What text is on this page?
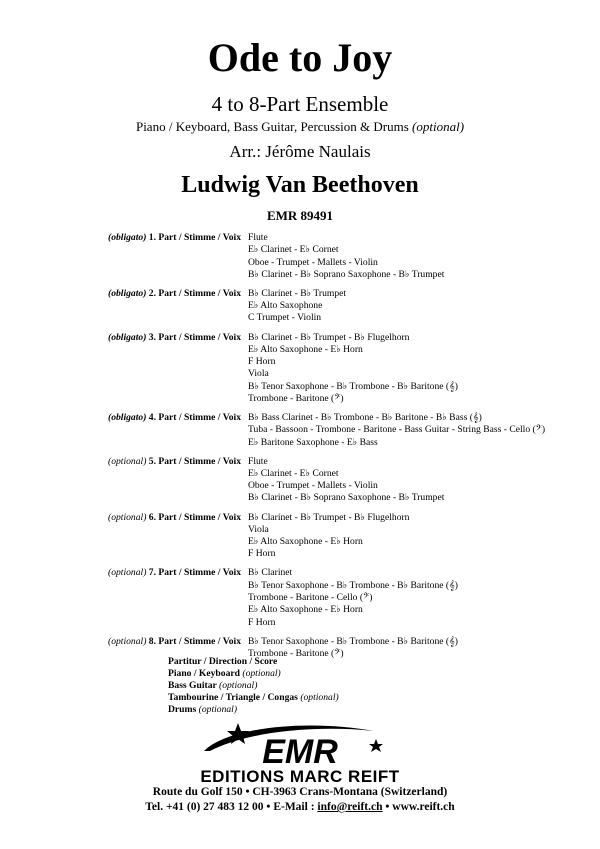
Ode to Joy
4 to 8-Part Ensemble
Piano / Keyboard, Bass Guitar, Percussion & Drums (optional)
Arr.: Jérôme Naulais
Ludwig Van Beethoven
EMR 89491
(obligato) 1. Part / Stimme / Voix Flute
E♭ Clarinet - E♭ Cornet
Oboe - Trumpet - Mallets - Violin
B♭ Clarinet - B♭ Soprano Saxophone - B♭ Trumpet
(obligato) 2. Part / Stimme / Voix B♭ Clarinet - B♭ Trumpet
E♭ Alto Saxophone
C Trumpet - Violin
(obligato) 3. Part / Stimme / Voix B♭ Clarinet - B♭ Trumpet - B♭ Flugelhorn
E♭ Alto Saxophone - E♭ Horn
F Horn
Viola
B♭ Tenor Saxophone - B♭ Trombone - B♭ Baritone (𝄞)
Trombone - Baritone (𝄢)
(obligato) 4. Part / Stimme / Voix B♭ Bass Clarinet - B♭ Trombone - B♭ Baritone - B♭ Bass (𝄞)
Tuba - Bassoon - Trombone - Baritone - Bass Guitar - String Bass - Cello (𝄢)
E♭ Baritone Saxophone - E♭ Bass
(optional) 5. Part / Stimme / Voix Flute
E♭ Clarinet - E♭ Cornet
Oboe - Trumpet - Mallets - Violin
B♭ Clarinet - B♭ Soprano Saxophone - B♭ Trumpet
(optional) 6. Part / Stimme / Voix B♭ Clarinet - B♭ Trumpet - B♭ Flugelhorn
Viola
E♭ Alto Saxophone - E♭ Horn
F Horn
(optional) 7. Part / Stimme / Voix B♭ Clarinet
B♭ Tenor Saxophone - B♭ Trombone - B♭ Baritone (𝄞)
Trombone - Baritone - Cello (𝄢)
E♭ Alto Saxophone - E♭ Horn
F Horn
(optional) 8. Part / Stimme / Voix B♭ Tenor Saxophone - B♭ Trombone - B♭ Baritone (𝄞)
Trombone - Baritone (𝄢)
Partitur / Direction / Score
Piano / Keyboard (optional)
Bass Guitar (optional)
Tambourine / Triangle / Congas (optional)
Drums (optional)
EMR
EDITIONS MARC REIFT
Route du Golf 150 • CH-3963 Crans-Montana (Switzerland)
Tel. +41 (0) 27 483 12 00 • E-Mail : info@reift.ch • www.reift.ch
